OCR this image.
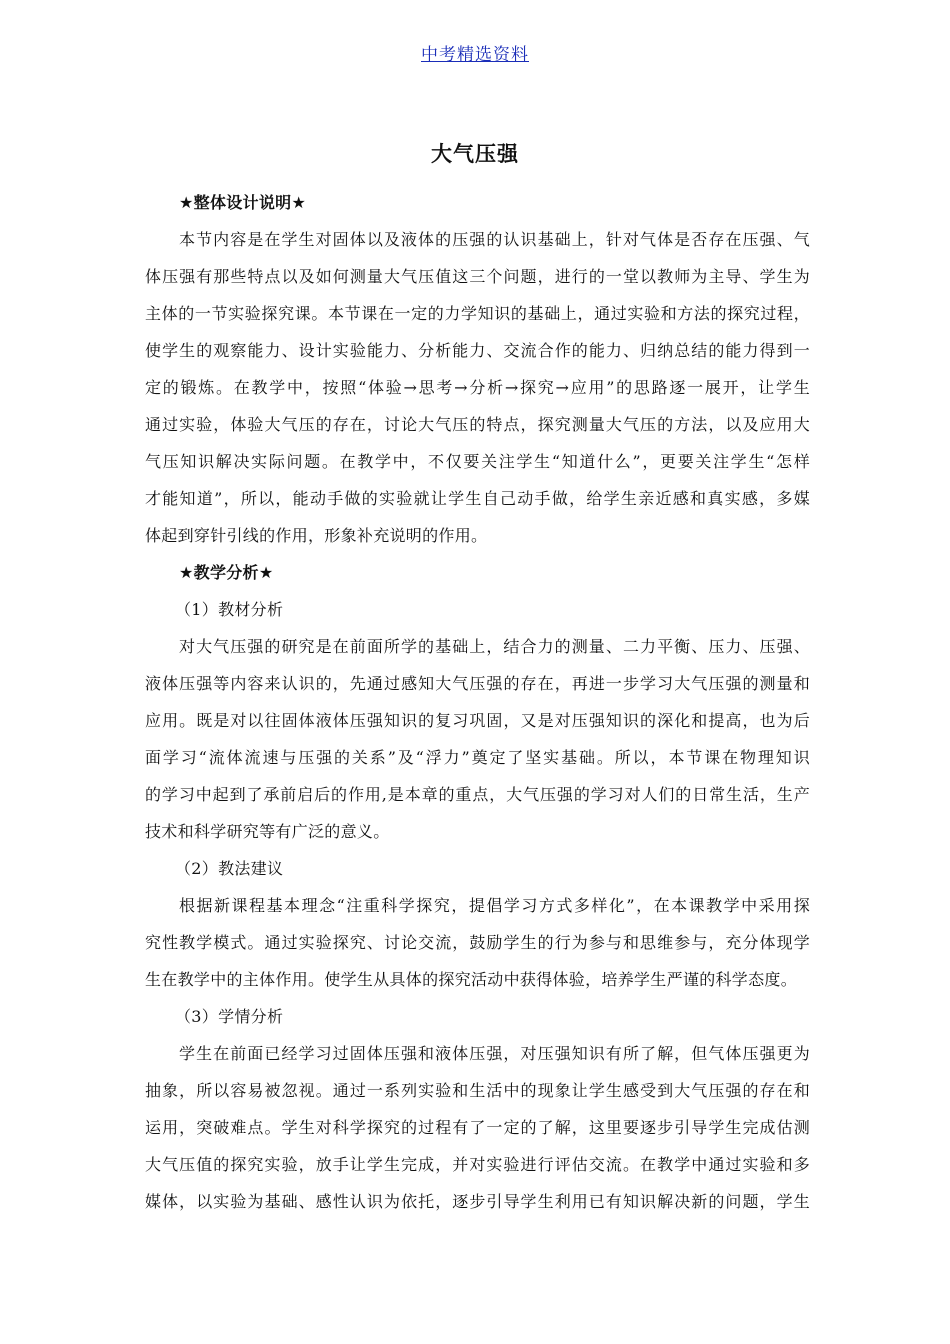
中考精选资料
大气压强
★整体设计说明★
本节内容是在学生对固体以及液体的压强的认识基础上，针对气体是否存在压强、气
体压强有那些特点以及如何测量大气压值这三个问题，进行的一堂以教师为主导、学生为
主体的一节实验探究课。本节课在一定的力学知识的基础上，通过实验和方法的探究过程，
使学生的观察能力、设计实验能力、分析能力、交流合作的能力、归纳总结的能力得到一
定的锻炼。在教学中，按照“体验→思考→分析→探究→应用”的思路逐一展开，让学生
通过实验，体验大气压的存在，讨论大气压的特点，探究测量大气压的方法，以及应用大
气压知识解决实际问题。在教学中，不仅要关注学生“知道什么”，更要关注学生“怎样
才能知道”，所以，能动手做的实验就让学生自己动手做，给学生亲近感和真实感，多媒
体起到穿针引线的作用，形象补充说明的作用。
★教学分析★
（1）教材分析
对大气压强的研究是在前面所学的基础上，结合力的测量、二力平衡、压力、压强、
液体压强等内容来认识的，先通过感知大气压强的存在，再进一步学习大气压强的测量和
应用。既是对以往固体液体压强知识的复习巩固，又是对压强知识的深化和提高，也为后
面学习“流体流速与压强的关系”及“浮力”奠定了坚实基础。所以，本节课在物理知识
的学习中起到了承前启后的作用,是本章的重点，大气压强的学习对人们的日常生活，生产
技术和科学研究等有广泛的意义。
（2）教法建议
根据新课程基本理念“注重科学探究，提倡学习方式多样化”，在本课教学中采用探
究性教学模式。通过实验探究、讨论交流，鼓励学生的行为参与和思维参与，充分体现学
生在教学中的主体作用。使学生从具体的探究活动中获得体验，培养学生严谨的科学态度。
（3）学情分析
学生在前面已经学习过固体压强和液体压强，对压强知识有所了解，但气体压强更为
抽象，所以容易被忽视。通过一系列实验和生活中的现象让学生感受到大气压强的存在和
运用，突破难点。学生对科学探究的过程有了一定的了解，这里要逐步引导学生完成估测
大气压值的探究实验，放手让学生完成，并对实验进行评估交流。在教学中通过实验和多
媒体，以实验为基础、感性认识为依托，逐步引导学生利用已有知识解决新的问题，学生
